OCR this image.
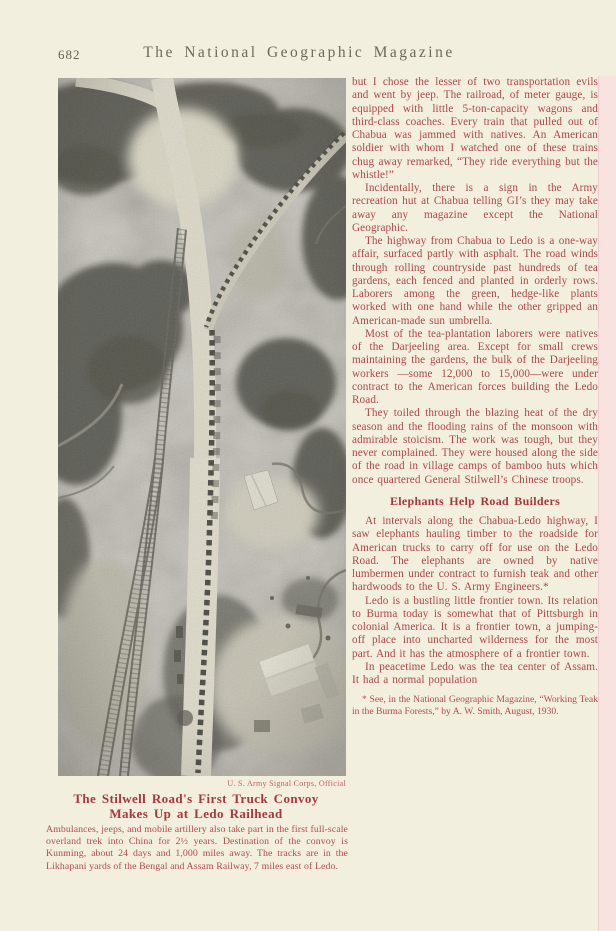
682	The National Geographic Magazine
U. S. Army Signal Corps, Official
The Stilwell Road's First Truck Convoy
Makes Up at Ledo Railhead
Ambulances, jeeps, and mobile artillery also take part in the first full-scale overland trek into China for 2½ years. Destination of the convoy is Kunming, about 24 days and 1,000 miles away. The tracks are in the Likhapani yards of the Bengal and Assam Railway, 7 miles east of Ledo.

but I chose the lesser of two transportation evils and went by jeep. The railroad, of meter gauge, is equipped with little 5-ton-capacity wagons and third-class coaches. Every train that pulled out of Chabua was jammed with natives. An American soldier with whom I watched one of these trains chug away remarked, “They ride everything but the whistle!”

Incidentally, there is a sign in the Army recreation hut at Chabua telling GI’s they may take away any magazine except the National Geographic.

The highway from Chabua to Ledo is a one-way affair, surfaced partly with asphalt. The road winds through rolling countryside past hundreds of tea gardens, each fenced and planted in orderly rows. Laborers among the green, hedge-like plants worked with one hand while the other gripped an American-made sun umbrella.

Most of the tea-plantation laborers were natives of the Darjeeling area. Except for small crews maintaining the gardens, the bulk of the Darjeeling workers —some 12,000 to 15,000—were under contract to the American forces building the Ledo Road.

They toiled through the blazing heat of the dry season and the flooding rains of the monsoon with admirable stoicism. The work was tough, but they never complained. They were housed along the side of the road in village camps of bamboo huts which once quartered General Stilwell’s Chinese troops.

Elephants Help Road Builders

At intervals along the Chabua-Ledo highway, I saw elephants hauling timber to the roadside for American trucks to carry off for use on the Ledo Road. The elephants are owned by native lumbermen under contract to furnish teak and other hardwoods to the U. S. Army Engineers.*

Ledo is a bustling little frontier town. Its relation to Burma today is somewhat that of Pittsburgh in colonial America. It is a frontier town, a jumping-off place into uncharted wilderness for the most part. And it has the atmosphere of a frontier town.

In peacetime Ledo was the tea center of Assam. It had a normal population

* See, in the National Geographic Magazine, “Working Teak in the Burma Forests,” by A. W. Smith, August, 1930.
